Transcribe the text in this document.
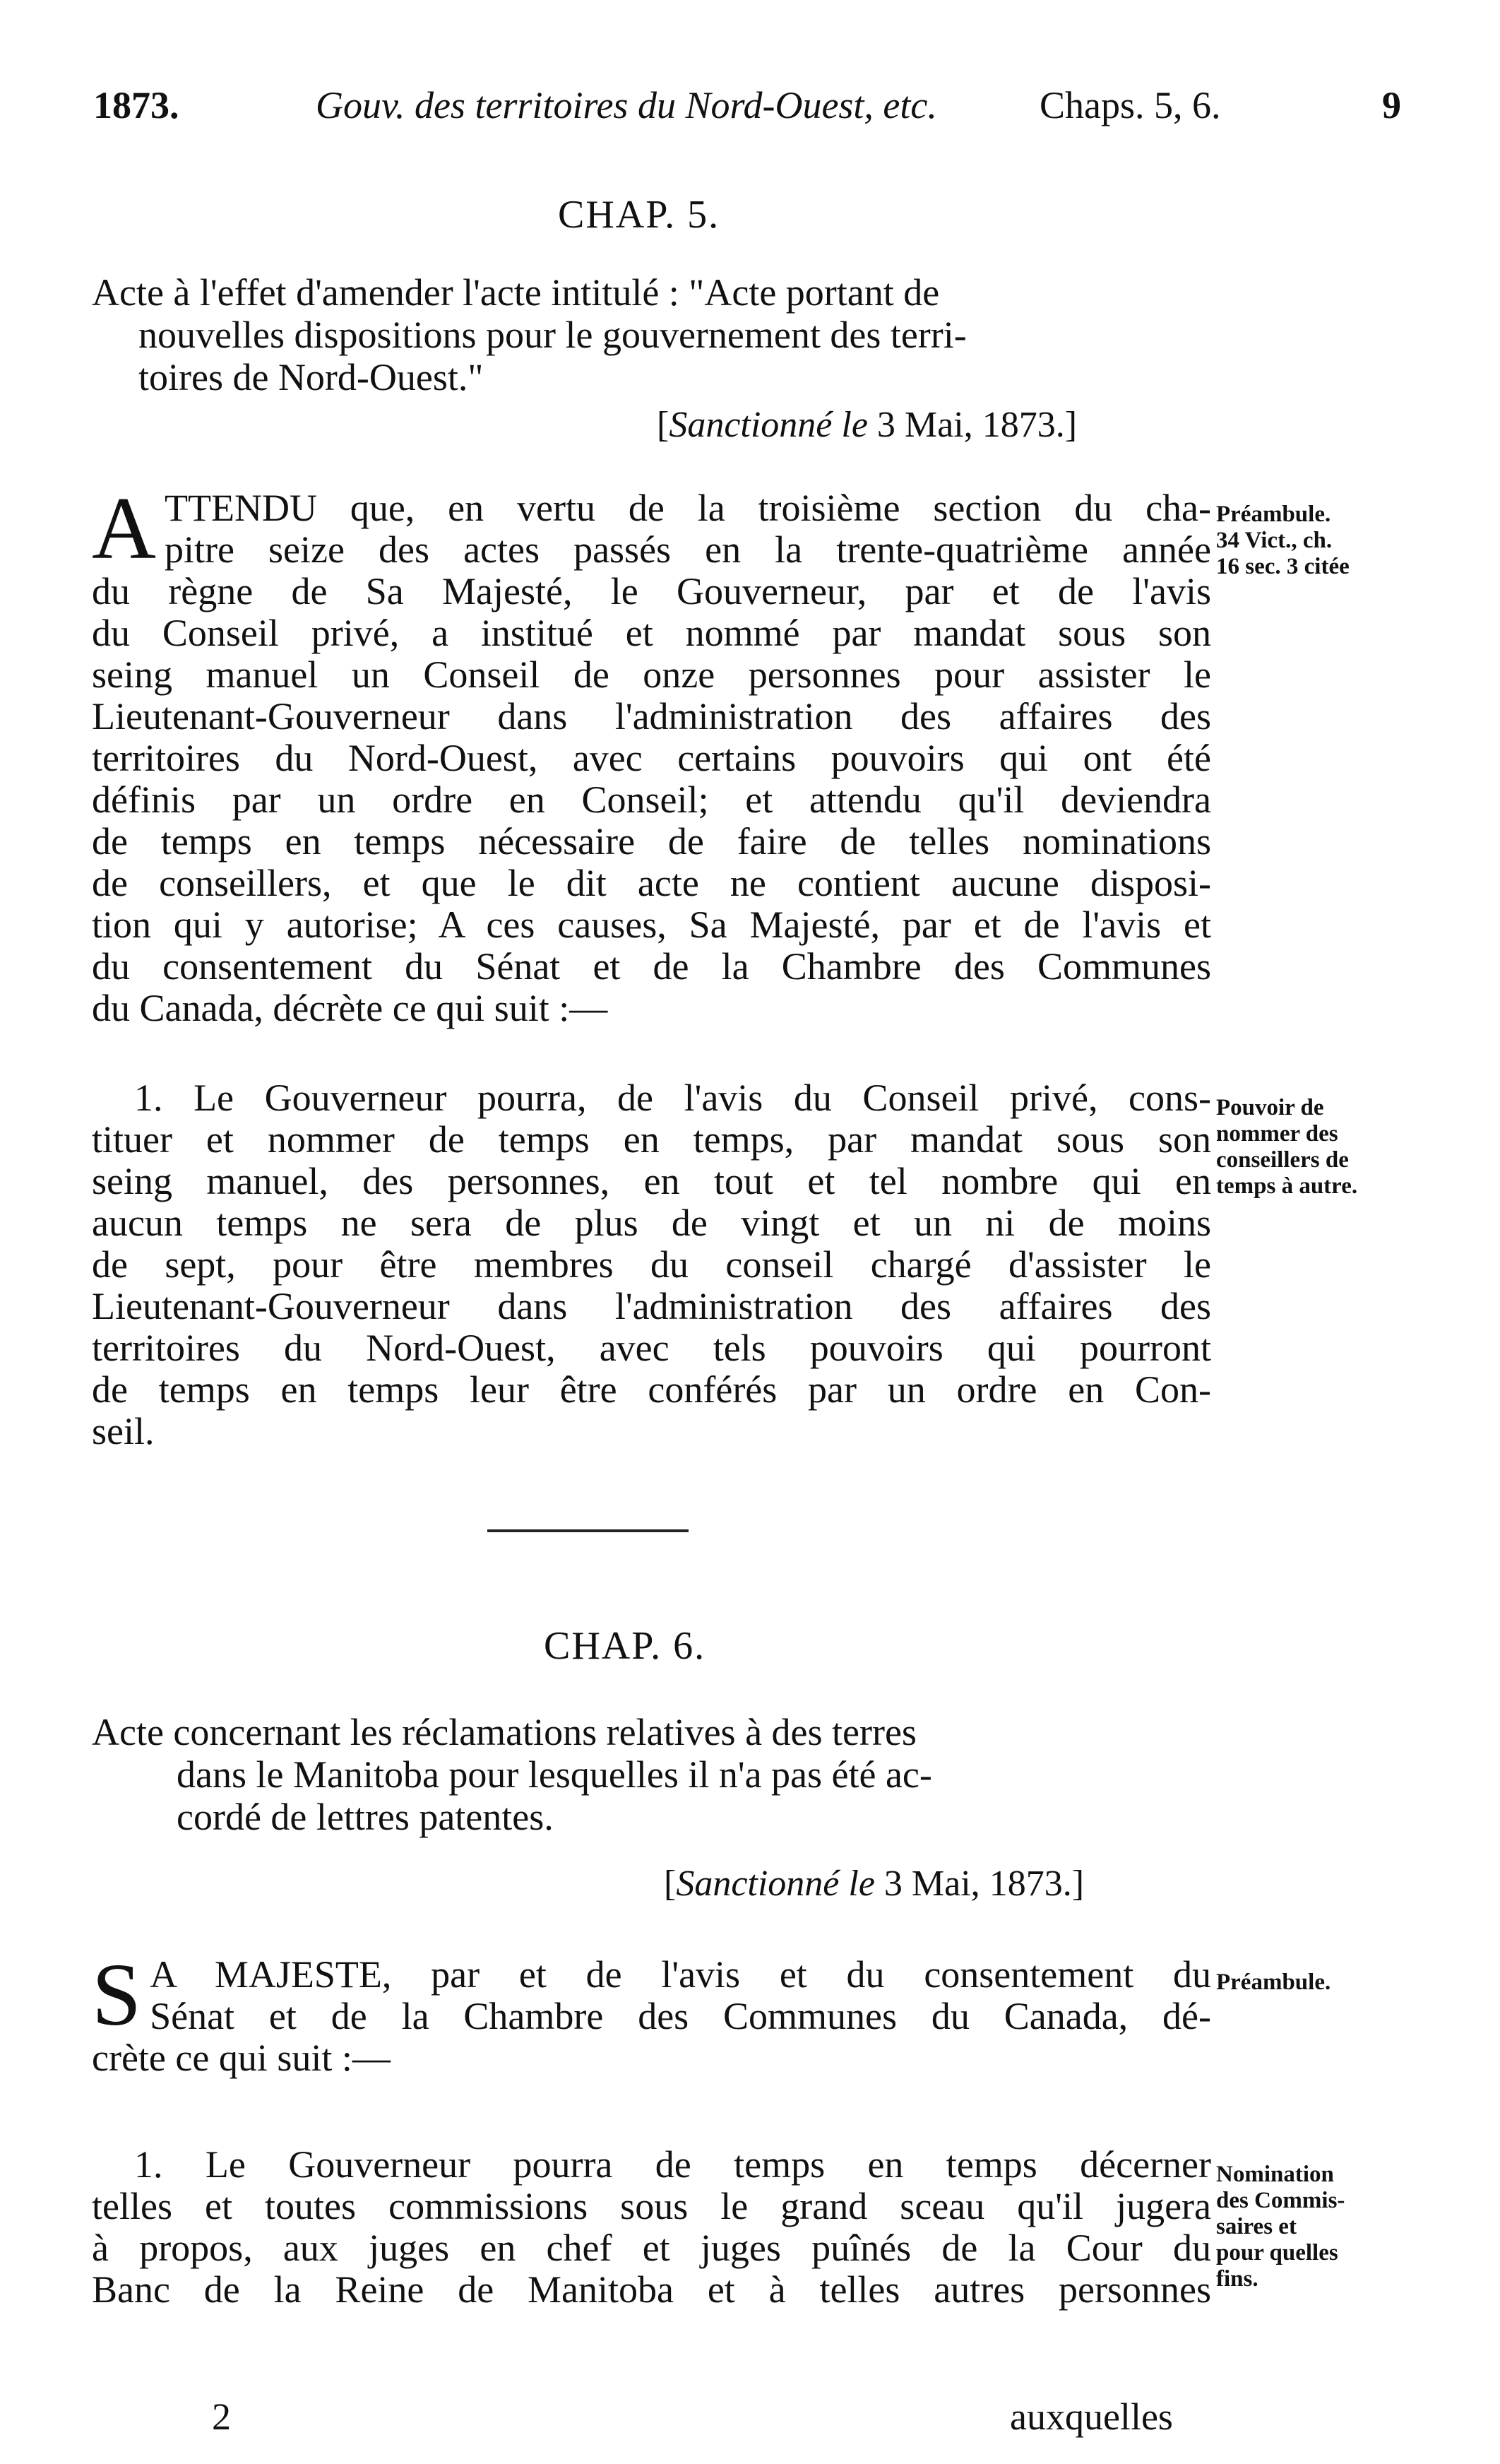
1873.	Gouv. des territoires du Nord-Ouest, etc.	Chaps. 5, 6.	9
CHAP. 5.
Acte à l'effet d'amender l'acte intitulé : "Acte portant de
nouvelles dispositions pour le gouvernement des terri-
toires de Nord-Ouest."
[Sanctionné le 3 Mai, 1873.]
A TTENDU que, en vertu de la troisième section du cha-
pitre seize des actes passés en la trente-quatrième année
du règne de Sa Majesté, le Gouverneur, par et de l'avis
du Conseil privé, a institué et nommé par mandat sous son
seing manuel un Conseil de onze personnes pour assister le
Lieutenant-Gouverneur dans l'administration des affaires des
territoires du Nord-Ouest, avec certains pouvoirs qui ont été
définis par un ordre en Conseil; et attendu qu'il deviendra
de temps en temps nécessaire de faire de telles nominations
de conseillers, et que le dit acte ne contient aucune disposi-
tion qui y autorise; A ces causes, Sa Majesté, par et de l'avis et
du consentement du Sénat et de la Chambre des Communes
du Canada, décrète ce qui suit :—
Préambule.
34 Vict., ch.
16 sec. 3 citée
1. Le Gouverneur pourra, de l'avis du Conseil privé, cons-
tituer et nommer de temps en temps, par mandat sous son
seing manuel, des personnes, en tout et tel nombre qui en
aucun temps ne sera de plus de vingt et un ni de moins
de sept, pour être membres du conseil chargé d'assister le
Lieutenant-Gouverneur dans l'administration des affaires des
territoires du Nord-Ouest, avec tels pouvoirs qui pourront
de temps en temps leur être conférés par un ordre en Con-
seil.
Pouvoir de
nommer des
conseillers de
temps à autre.
CHAP. 6.
Acte concernant les réclamations relatives à des terres
dans le Manitoba pour lesquelles il n'a pas été ac-
cordé de lettres patentes.
[Sanctionné le 3 Mai, 1873.]
S A MAJESTE, par et de l'avis et du consentement du
Sénat et de la Chambre des Communes du Canada, dé-
crète ce qui suit :—
Préambule.
1. Le Gouverneur pourra de temps en temps décerner
telles et toutes commissions sous le grand sceau qu'il jugera
à propos, aux juges en chef et juges puînés de la Cour du
Banc de la Reine de Manitoba et à telles autres personnes
Nomination
des Commis-
saires et
pour quelles
fins.
2	auxquelles
